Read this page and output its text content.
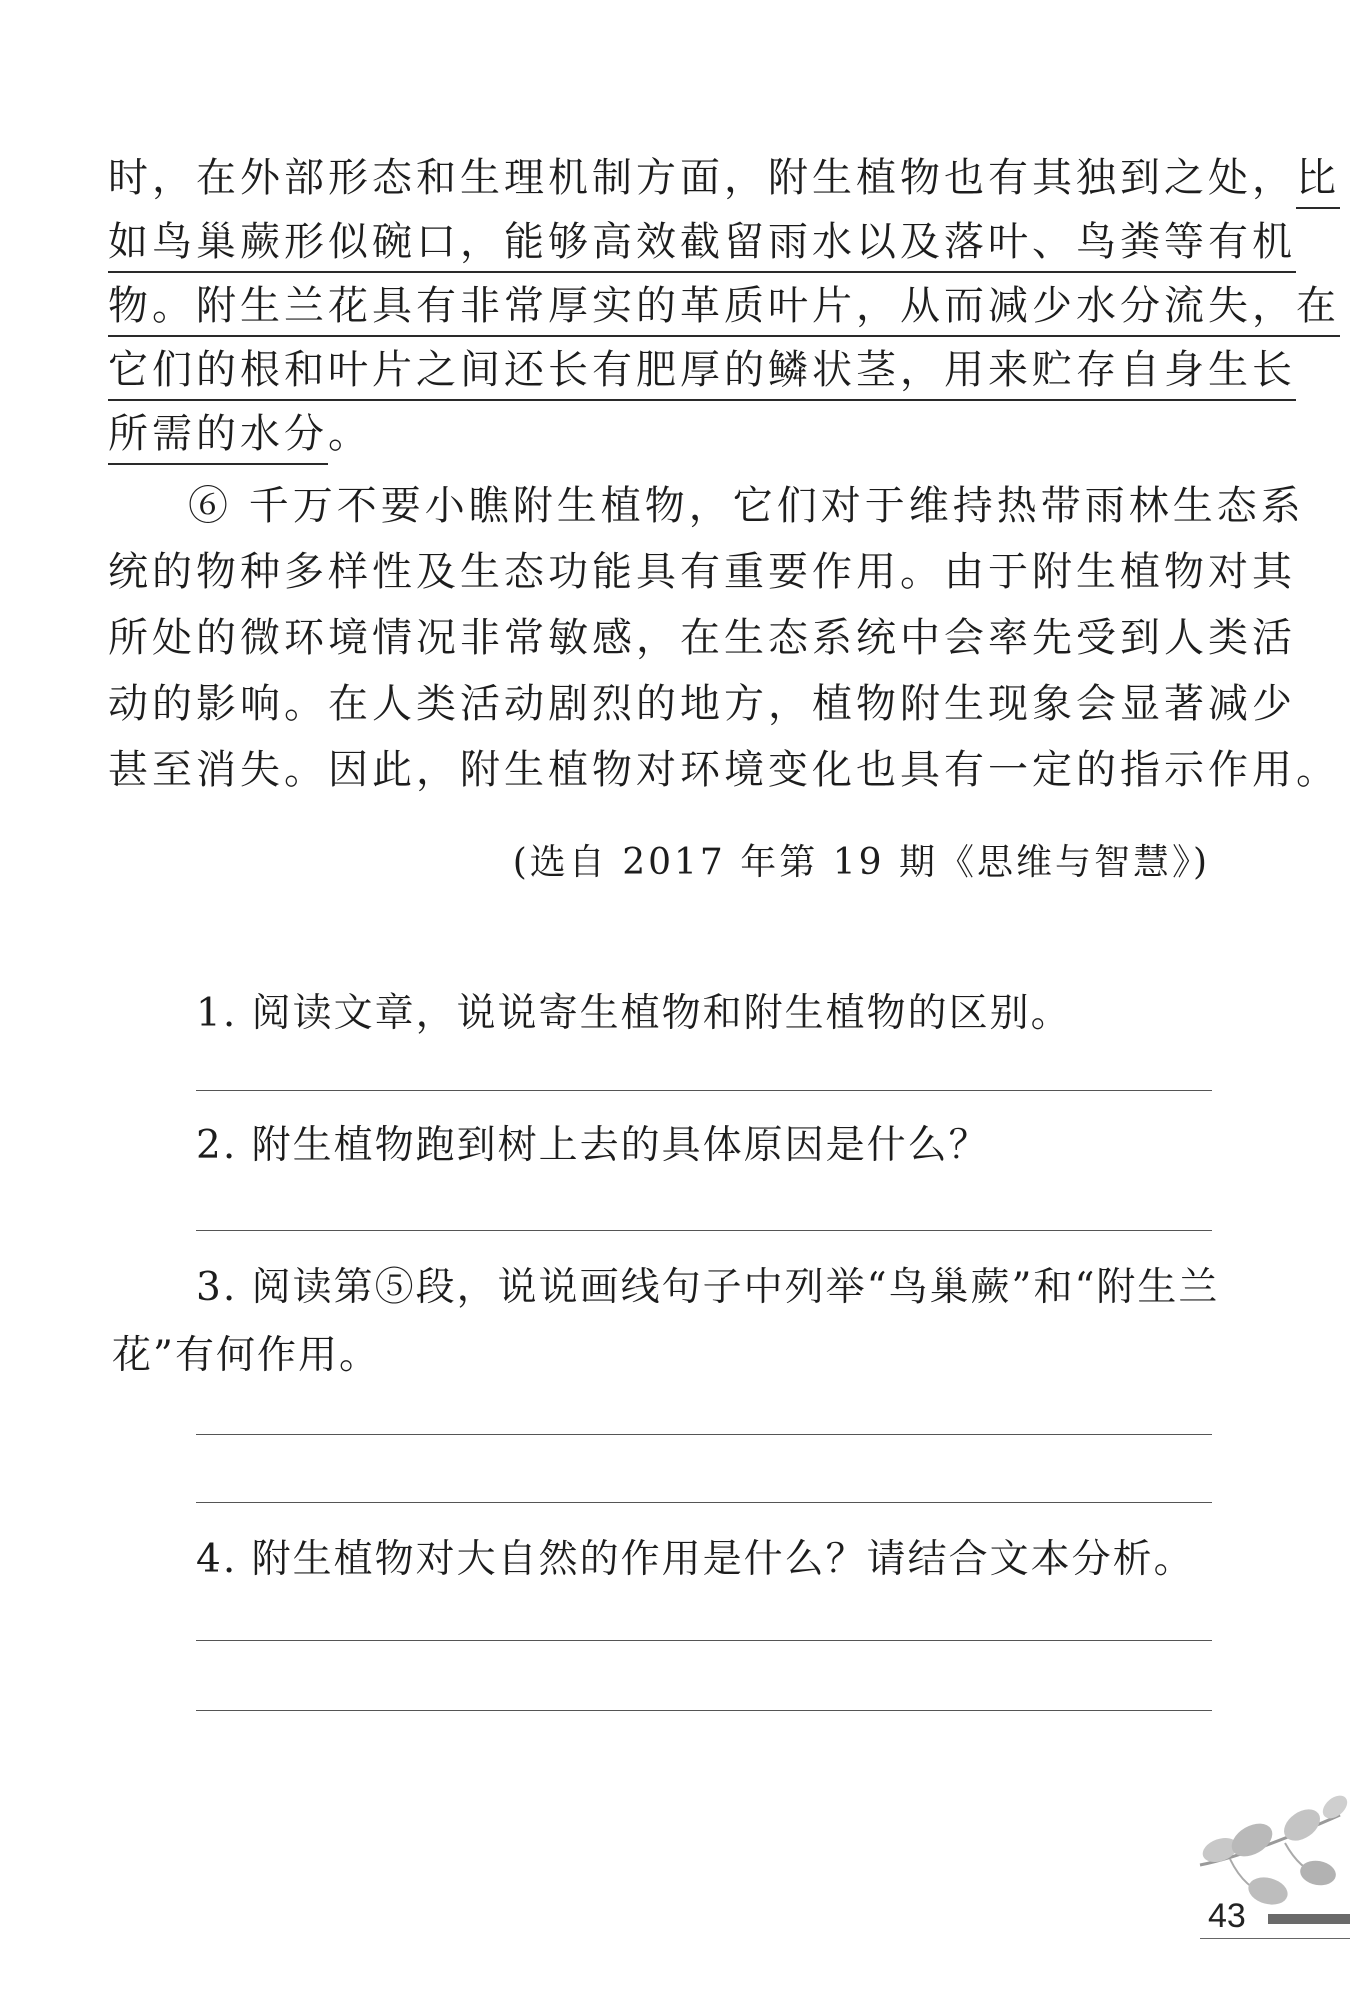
时，在外部形态和生理机制方面，附生植物也有其独到之处，比
如鸟巢蕨形似碗口，能够高效截留雨水以及落叶、鸟粪等有机
物。附生兰花具有非常厚实的革质叶片，从而减少水分流失，在
它们的根和叶片之间还长有肥厚的鳞状茎，用来贮存自身生长
所需的水分。
⑥ 千万不要小瞧附生植物，它们对于维持热带雨林生态系
统的物种多样性及生态功能具有重要作用。由于附生植物对其
所处的微环境情况非常敏感，在生态系统中会率先受到人类活
动的影响。在人类活动剧烈的地方，植物附生现象会显著减少
甚至消失。因此，附生植物对环境变化也具有一定的指示作用。
(选自 2017 年第 19 期《思维与智慧》)
1. 阅读文章，说说寄生植物和附生植物的区别。
2. 附生植物跑到树上去的具体原因是什么？
3. 阅读第⑤段，说说画线句子中列举“鸟巢蕨”和“附生兰
花”有何作用。
4. 附生植物对大自然的作用是什么？请结合文本分析。
43
